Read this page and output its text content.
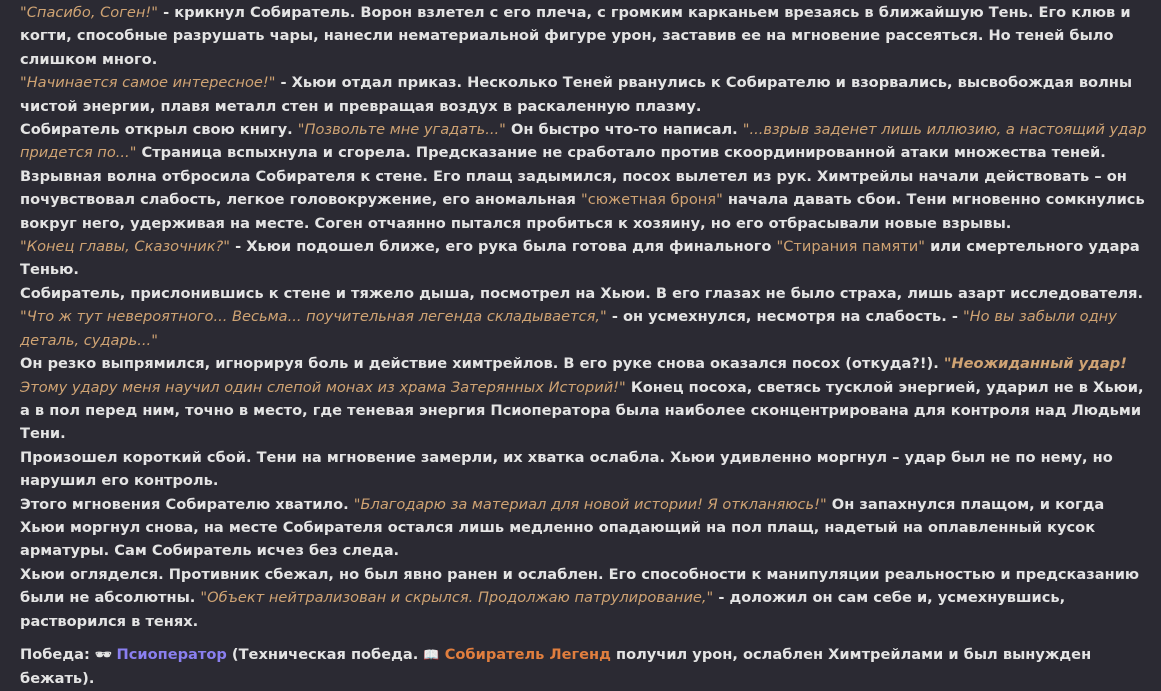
"Спасибо, Соген!" - крикнул Собиратель. Ворон взлетел с его плеча, с громким карканьем врезаясь в ближайшую Тень. Его клюв и когти, способные разрушать чары, нанесли нематериальной фигуре урон, заставив ее на мгновение рассеяться. Но теней было слишком много.

"Начинается самое интересное!" - Хьюи отдал приказ. Несколько Теней рванулись к Собирателю и взорвались, высвобождая волны чистой энергии, плавя металл стен и превращая воздух в раскаленную плазму.

Собиратель открыл свою книгу. "Позвольте мне угадать..." Он быстро что-то написал. "...взрыв заденет лишь иллюзию, а настоящий удар придется по..." Страница вспыхнула и сгорела. Предсказание не сработало против скоординированной атаки множества теней.

Взрывная волна отбросила Собирателя к стене. Его плащ задымился, посох вылетел из рук. Химтрейлы начали действовать – он почувствовал слабость, легкое головокружение, его аномальная "сюжетная броня" начала давать сбои. Тени мгновенно сомкнулись вокруг него, удерживая на месте. Соген отчаянно пытался пробиться к хозяину, но его отбрасывали новые взрывы.

"Конец главы, Сказочник?" - Хьюи подошел ближе, его рука была готова для финального "Стирания памяти" или смертельного удара Тенью.

Собиратель, прислонившись к стене и тяжело дыша, посмотрел на Хьюи. В его глазах не было страха, лишь азарт исследователя. "Что ж тут невероятного... Весьма... поучительная легенда складывается," - он усмехнулся, несмотря на слабость. - "Но вы забыли одну деталь, сударь..."

Он резко выпрямился, игнорируя боль и действие химтрейлов. В его руке снова оказался посох (откуда?!). "Неожиданный удар! Этому удару меня научил один слепой монах из храма Затерянных Историй!" Конец посоха, светясь тусклой энергией, ударил не в Хьюи, а в пол перед ним, точно в место, где теневая энергия Псиоператора была наиболее сконцентрирована для контроля над Людьми Тени.

Произошел короткий сбой. Тени на мгновение замерли, их хватка ослабла. Хьюи удивленно моргнул – удар был не по нему, но нарушил его контроль.

Этого мгновения Собирателю хватило. "Благодарю за материал для новой истории! Я откланяюсь!" Он запахнулся плащом, и когда Хьюи моргнул снова, на месте Собирателя остался лишь медленно опадающий на пол плащ, надетый на оплавленный кусок арматуры. Сам Собиратель исчез без следа.

Хьюи огляделся. Противник сбежал, но был явно ранен и ослаблен. Его способности к манипуляции реальностью и предсказанию были не абсолютны. "Объект нейтрализован и скрылся. Продолжаю патрулирование," - доложил он сам себе и, усмехнувшись, растворился в тенях.

Победа: 🕶 Псиоператор (Техническая победа. 📖 Собиратель Легенд получил урон, ослаблен Химтрейлами и был вынужден бежать).
